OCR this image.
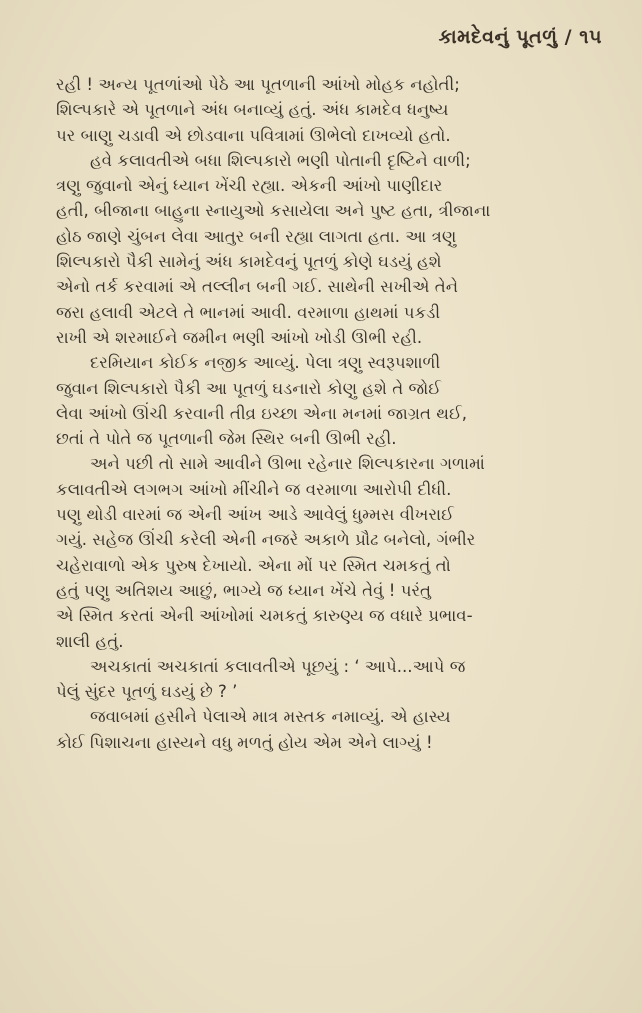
કામદેવનું પૂતળું / ૧૫
રહી ! અન્ય પૂતળાંઓ પેઠે આ પૂતળાની આંખો મોહક નહોતી;
શિલ્પકારે એ પૂતળાને અંધ બનાવ્યું હતું. અંધ કામદેવ ધનુષ્ય
પર બાણુ ચડાવી એ છોડવાના પવિત્રામાં ઊભેલો દાખવ્યો હતો.
હવે કલાવતીએ બધા શિલ્પકારો ભણી પોતાની દૃષ્ટિને વાળી;
ત્રણુ જુવાનો એનું ધ્યાન ખેંચી રહ્યા. એકની આંખો પાણીદાર
હતી, બીજાના બાહુના સ્નાયુઓ કસાયેલા અને પુષ્ટ હતા, ત્રીજાના
હોઠ જાણે ચુંબન લેવા આતુર બની રહ્યા લાગતા હતા. આ ત્રણુ
શિલ્પકારો પૈકી સામેનું અંધ કામદેવનું પૂતળું કોણે ઘડયું હશે
એનો તર્ક કરવામાં એ તલ્લીન બની ગઈ. સાથેની સખીએ તેને
જરા હલાવી એટલે તે ભાનમાં આવી. વરમાળા હાથમાં પકડી
રાખી એ શરમાઈને જમીન ભણી આંખો ખોડી ઊભી રહી.
દરમિયાન કોઈક નજીક આવ્યું. પેલા ત્રણુ સ્વરૂપશાળી
જુવાન શિલ્પકારો પૈકી આ પૂતળું ઘડનારો કોણુ હશે તે જોઈ
લેવા આંખો ઊંચી કરવાની તીવ્ર ઇચ્છા એના મનમાં જાગ્રત થઈ,
છતાં તે પોતે જ પૂતળાની જેમ સ્થિર બની ઊભી રહી.
અને પછી તો સામે આવીને ઊભા રહેનાર શિલ્પકારના ગળામાં
કલાવતીએ લગભગ આંખો મીંચીને જ વરમાળા આરોપી દીધી.
પણુ થોડી વારમાં જ એની આંખ આડે આવેલું ધુમ્મસ વીખરાઈ
ગયું. સહેજ ઊંચી કરેલી એની નજરે અકાળે પ્રૌઢ બનેલો, ગંભીર
ચહેરાવાળો એક પુરુષ દેખાયો. એના મોં પર સ્મિત ચમકતું તો
હતું પણુ અતિશય આછું, ભાગ્યે જ ધ્યાન ખેંચે તેવું ! પરંતુ
એ સ્મિત કરતાં એની આંખોમાં ચમકતું કારુણ્ય જ વધારે પ્રભાવ-
શાલી હતું.
અચકાતાં અચકાતાં કલાવતીએ પૂછયું : ‘ આપે...આપે જ
પેલું સુંદર પૂતળું ઘડયું છે ? ’
જવાબમાં હસીને પેલાએ માત્ર મસ્તક નમાવ્યું. એ હાસ્ય
કોઈ પિશાચના હાસ્યને વધુ મળતું હોય એમ એને લાગ્યું !
